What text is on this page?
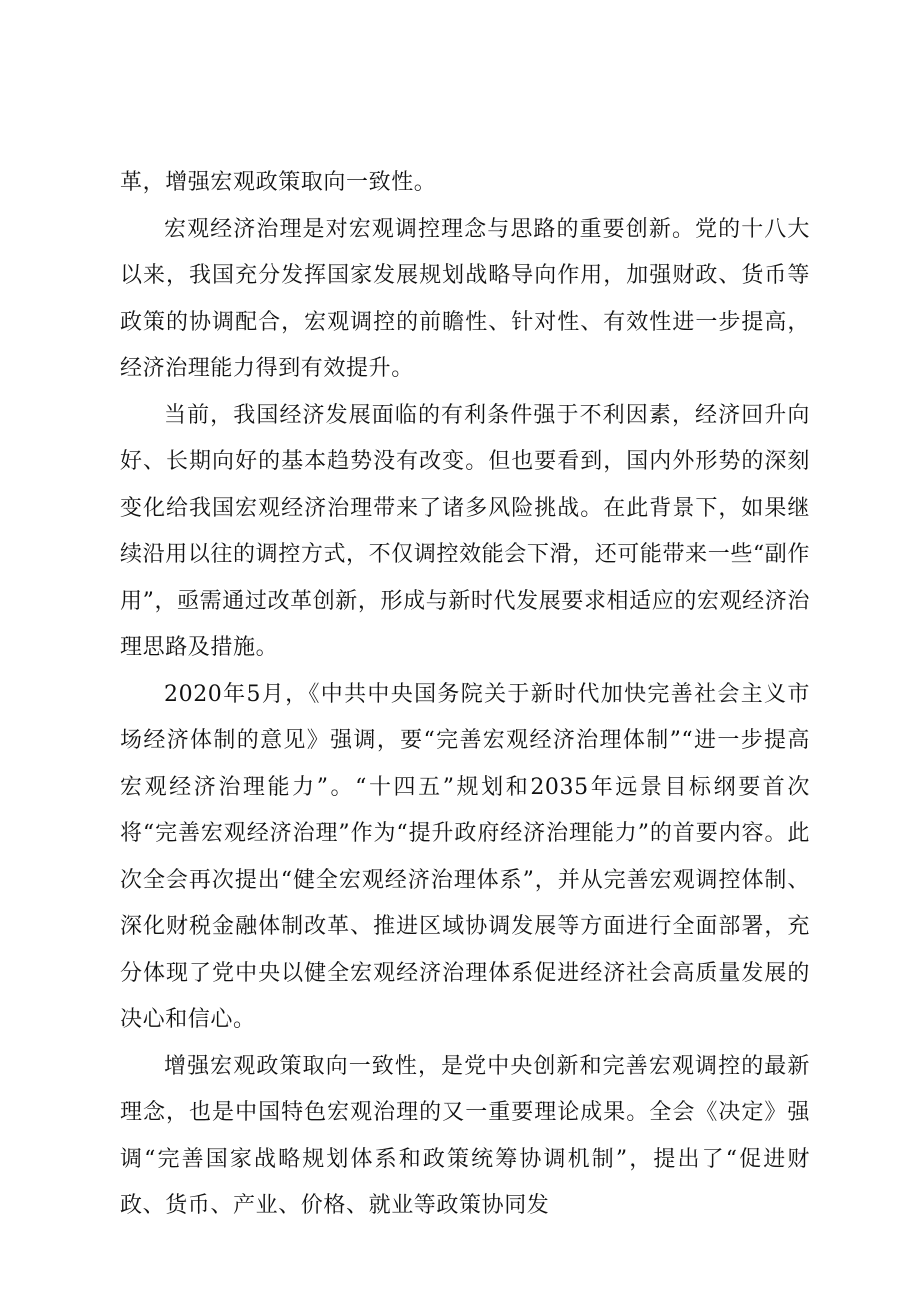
革，增强宏观政策取向一致性。

宏观经济治理是对宏观调控理念与思路的重要创新。党的十八大以来，我国充分发挥国家发展规划战略导向作用，加强财政、货币等政策的协调配合，宏观调控的前瞻性、针对性、有效性进一步提高，经济治理能力得到有效提升。

当前，我国经济发展面临的有利条件强于不利因素，经济回升向好、长期向好的基本趋势没有改变。但也要看到，国内外形势的深刻变化给我国宏观经济治理带来了诸多风险挑战。在此背景下，如果继续沿用以往的调控方式，不仅调控效能会下滑，还可能带来一些“副作用”，亟需通过改革创新，形成与新时代发展要求相适应的宏观经济治理思路及措施。

2020年5月，《中共中央国务院关于新时代加快完善社会主义市场经济体制的意见》强调，要“完善宏观经济治理体制”“进一步提高宏观经济治理能力”。“十四五”规划和2035年远景目标纲要首次将“完善宏观经济治理”作为“提升政府经济治理能力”的首要内容。此次全会再次提出“健全宏观经济治理体系”，并从完善宏观调控体制、深化财税金融体制改革、推进区域协调发展等方面进行全面部署，充分体现了党中央以健全宏观经济治理体系促进经济社会高质量发展的决心和信心。

增强宏观政策取向一致性，是党中央创新和完善宏观调控的最新理念，也是中国特色宏观治理的又一重要理论成果。全会《决定》强调“完善国家战略规划体系和政策统筹协调机制”，提出了“促进财政、货币、产业、价格、就业等政策协同发
